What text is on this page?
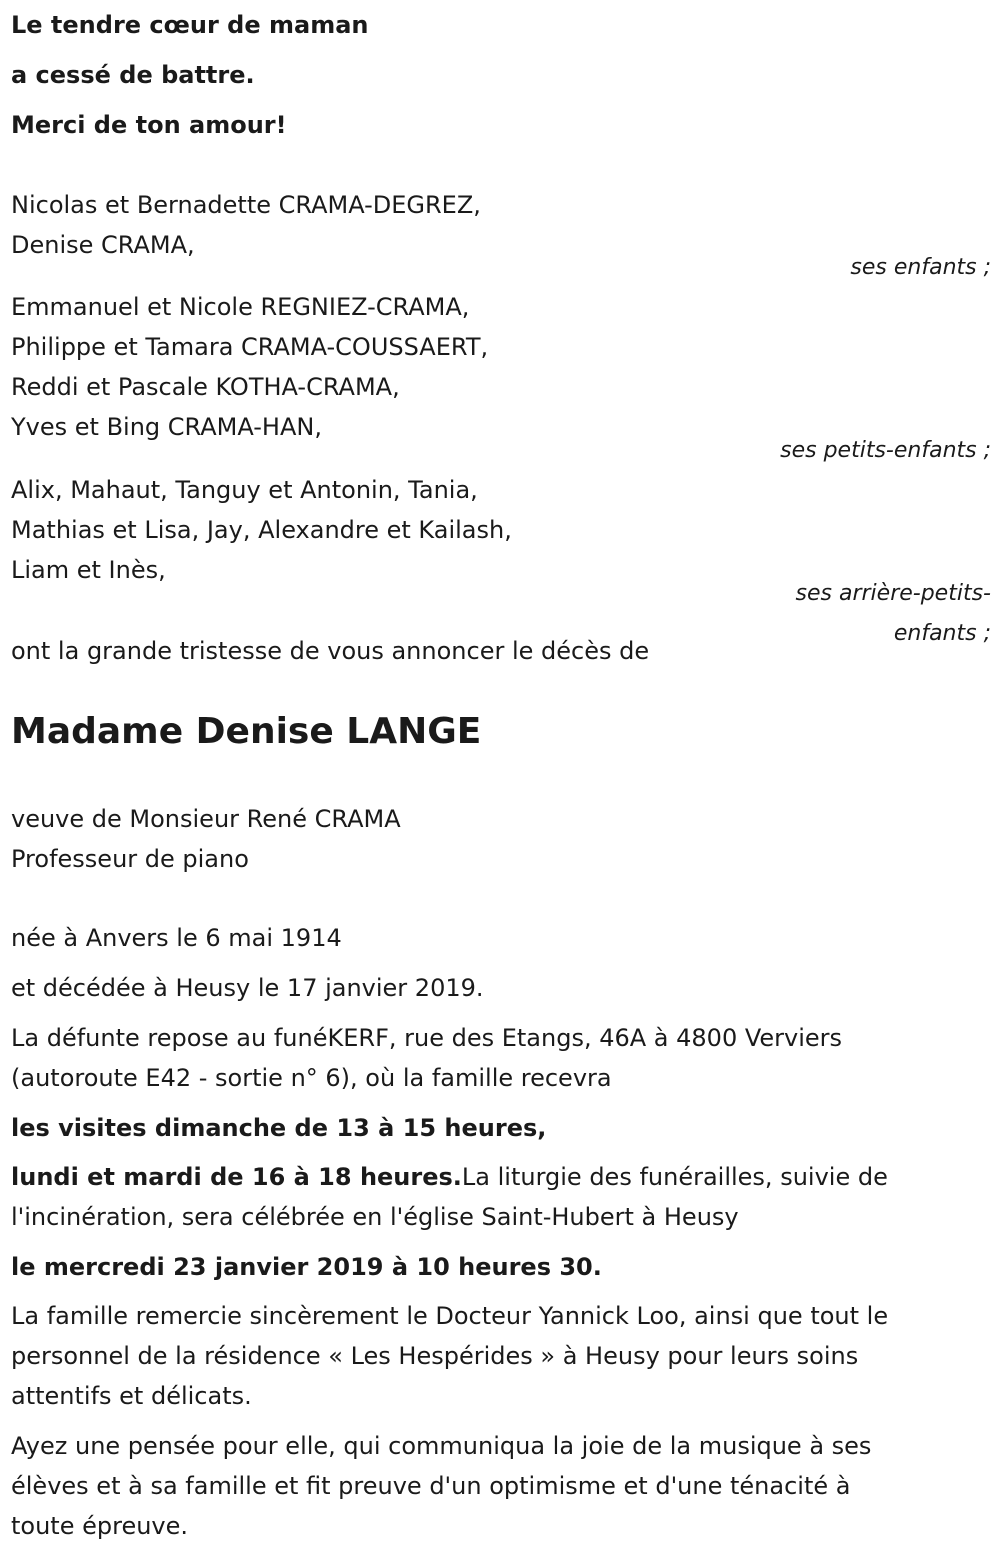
Le tendre cœur de maman
a cessé de battre.
Merci de ton amour!
Nicolas et Bernadette CRAMA-DEGREZ,
Denise CRAMA,
ses enfants ;
Emmanuel et Nicole REGNIEZ-CRAMA,
Philippe et Tamara CRAMA-COUSSAERT,
Reddi et Pascale KOTHA-CRAMA,
Yves et Bing CRAMA-HAN,
ses petits-enfants ;
Alix, Mahaut, Tanguy et Antonin, Tania,
Mathias et Lisa, Jay, Alexandre et Kailash,
Liam et Inès,
ses arrière-petits-
enfants ;
ont la grande tristesse de vous annoncer le décès de
Madame Denise LANGE
veuve de Monsieur René CRAMA
Professeur de piano
née à Anvers le 6 mai 1914
et décédée à Heusy le 17 janvier 2019.
La défunte repose au funéKERF, rue des Etangs, 46A à 4800 Verviers
(autoroute E42 - sortie n° 6), où la famille recevra
les visites dimanche de 13 à 15 heures,
lundi et mardi de 16 à 18 heures.La liturgie des funérailles, suivie de
l'incinération, sera célébrée en l'église Saint-Hubert à Heusy
le mercredi 23 janvier 2019 à 10 heures 30.
La famille remercie sincèrement le Docteur Yannick Loo, ainsi que tout le
personnel de la résidence « Les Hespérides » à Heusy pour leurs soins
attentifs et délicats.
Ayez une pensée pour elle, qui communiqua la joie de la musique à ses
élèves et à sa famille et fit preuve d'un optimisme et d'une ténacité à
toute épreuve.
